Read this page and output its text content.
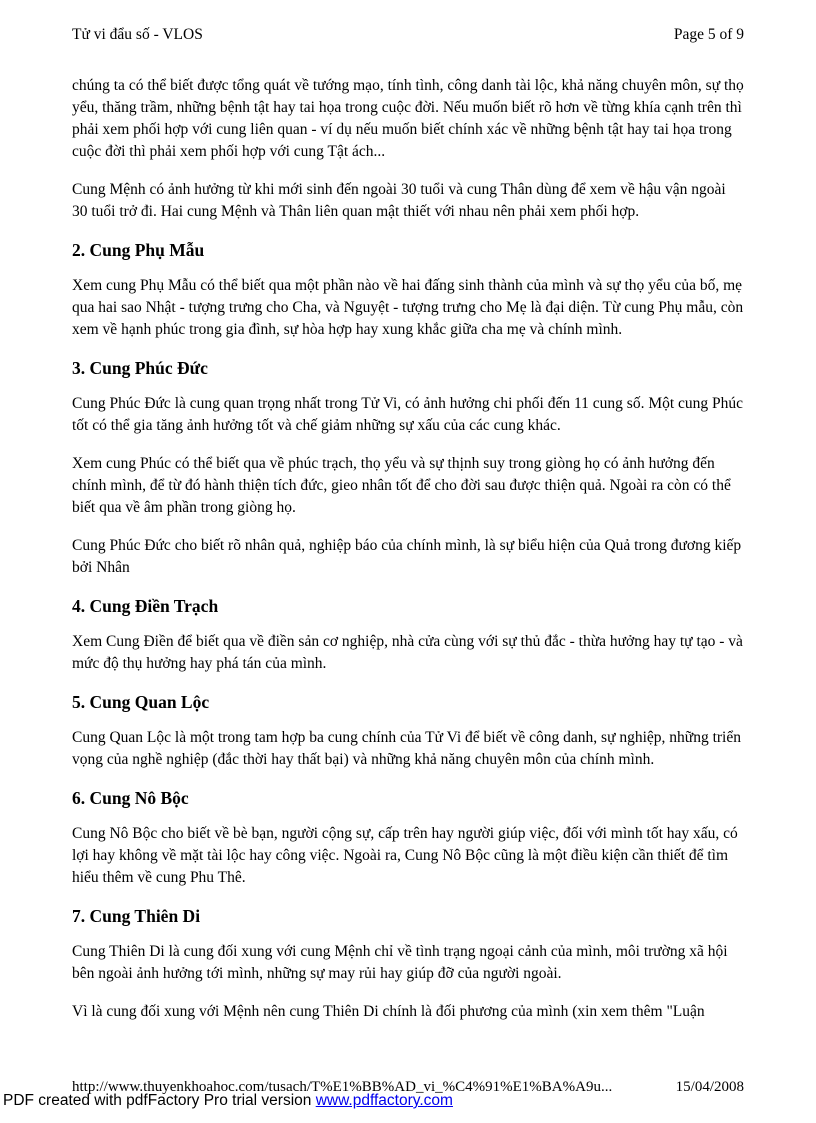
Tử vi đẩu số - VLOS	Page 5 of 9

chúng ta có thể biết được tổng quát về tướng mạo, tính tình, công danh tài lộc, khả năng chuyên môn, sự thọ yểu, thăng trầm, những bệnh tật hay tai họa trong cuộc đời. Nếu muốn biết rõ hơn về từng khía cạnh trên thì phải xem phối hợp với cung liên quan - ví dụ nếu muốn biết chính xác về những bệnh tật hay tai họa trong cuộc đời thì phải xem phối hợp với cung Tật ách...

Cung Mệnh có ảnh hưởng từ khi mới sinh đến ngoài 30 tuổi và cung Thân dùng để xem về hậu vận ngoài 30 tuổi trở đi. Hai cung Mệnh và Thân liên quan mật thiết với nhau nên phải xem phối hợp.

2. Cung Phụ Mẫu

Xem cung Phụ Mẫu có thể biết qua một phần nào về hai đấng sinh thành của mình và sự thọ yểu của bố, mẹ qua hai sao Nhật - tượng trưng cho Cha, và Nguyệt - tượng trưng cho Mẹ là đại diện. Từ cung Phụ mẫu, còn xem về hạnh phúc trong gia đình, sự hòa hợp hay xung khắc giữa cha mẹ và chính mình.

3. Cung Phúc Đức

Cung Phúc Đức là cung quan trọng nhất trong Tử Vi, có ảnh hưởng chi phối đến 11 cung số. Một cung Phúc tốt có thể gia tăng ảnh hưởng tốt và chế giảm những sự xấu của các cung khác.

Xem cung Phúc có thể biết qua về phúc trạch, thọ yểu và sự thịnh suy trong giòng họ có ảnh hưởng đến chính mình, để từ đó hành thiện tích đức, gieo nhân tốt để cho đời sau được thiện quả. Ngoài ra còn có thể biết qua về âm phần trong giòng họ.

Cung Phúc Đức cho biết rõ nhân quả, nghiệp báo của chính mình, là sự biểu hiện của Quả trong đương kiếp bởi Nhân

4. Cung Điền Trạch

Xem Cung Điền để biết qua về điền sản cơ nghiệp, nhà cửa cùng với sự thủ đắc - thừa hưởng hay tự tạo - và mức độ thụ hưởng hay phá tán của mình.

5. Cung Quan Lộc

Cung Quan Lộc là một trong tam hợp ba cung chính của Tử Vi để biết về công danh, sự nghiệp, những triển vọng của nghề nghiệp (đắc thời hay thất bại) và những khả năng chuyên môn của chính mình.

6. Cung Nô Bộc

Cung Nô Bộc cho biết về bè bạn, người cộng sự, cấp trên hay người giúp việc, đối với mình tốt hay xấu, có lợi hay không về mặt tài lộc hay công việc. Ngoài ra, Cung Nô Bộc cũng là một điều kiện cần thiết để tìm hiểu thêm về cung Phu Thê.

7. Cung Thiên Di

Cung Thiên Di là cung đối xung với cung Mệnh chỉ về tình trạng ngoại cảnh của mình, môi trường xã hội bên ngoài ảnh hưởng tới mình, những sự may rủi hay giúp đỡ của người ngoài.

Vì là cung đối xung với Mệnh nên cung Thiên Di chính là đối phương của mình (xin xem thêm "Luận

http://www.thuyenkhoahoc.com/tusach/T%E1%BB%AD_vi_%C4%91%E1%BA%A9u...	15/04/2008
PDF created with pdfFactory Pro trial version www.pdffactory.com
